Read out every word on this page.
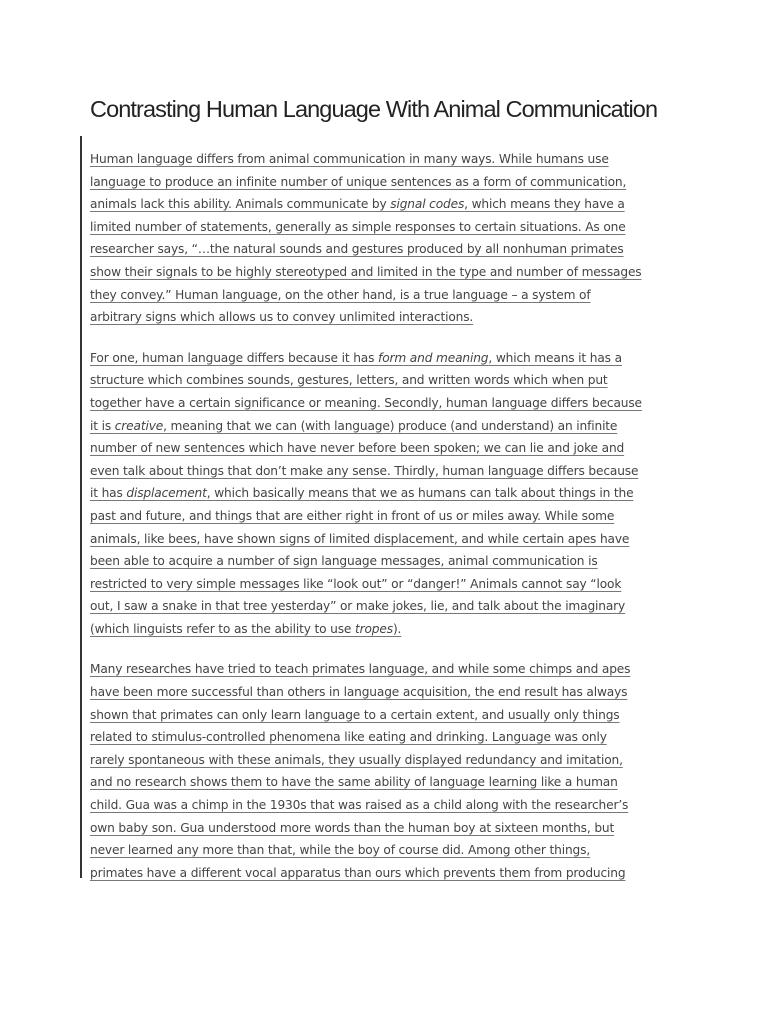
Contrasting Human Language With Animal Communication
Human language differs from animal communication in many ways. While humans use
language to produce an infinite number of unique sentences as a form of communication,
animals lack this ability. Animals communicate by signal codes, which means they have a
limited number of statements, generally as simple responses to certain situations. As one
researcher says, “…the natural sounds and gestures produced by all nonhuman primates
show their signals to be highly stereotyped and limited in the type and number of messages
they convey.” Human language, on the other hand, is a true language – a system of
arbitrary signs which allows us to convey unlimited interactions.
For one, human language differs because it has form and meaning, which means it has a
structure which combines sounds, gestures, letters, and written words which when put
together have a certain significance or meaning. Secondly, human language differs because
it is creative, meaning that we can (with language) produce (and understand) an infinite
number of new sentences which have never before been spoken; we can lie and joke and
even talk about things that don’t make any sense. Thirdly, human language differs because
it has displacement, which basically means that we as humans can talk about things in the
past and future, and things that are either right in front of us or miles away. While some
animals, like bees, have shown signs of limited displacement, and while certain apes have
been able to acquire a number of sign language messages, animal communication is
restricted to very simple messages like “look out” or “danger!” Animals cannot say “look
out, I saw a snake in that tree yesterday” or make jokes, lie, and talk about the imaginary
(which linguists refer to as the ability to use tropes).
Many researches have tried to teach primates language, and while some chimps and apes
have been more successful than others in language acquisition, the end result has always
shown that primates can only learn language to a certain extent, and usually only things
related to stimulus-controlled phenomena like eating and drinking. Language was only
rarely spontaneous with these animals, they usually displayed redundancy and imitation,
and no research shows them to have the same ability of language learning like a human
child. Gua was a chimp in the 1930s that was raised as a child along with the researcher’s
own baby son. Gua understood more words than the human boy at sixteen months, but
never learned any more than that, while the boy of course did. Among other things,
primates have a different vocal apparatus than ours which prevents them from producing
